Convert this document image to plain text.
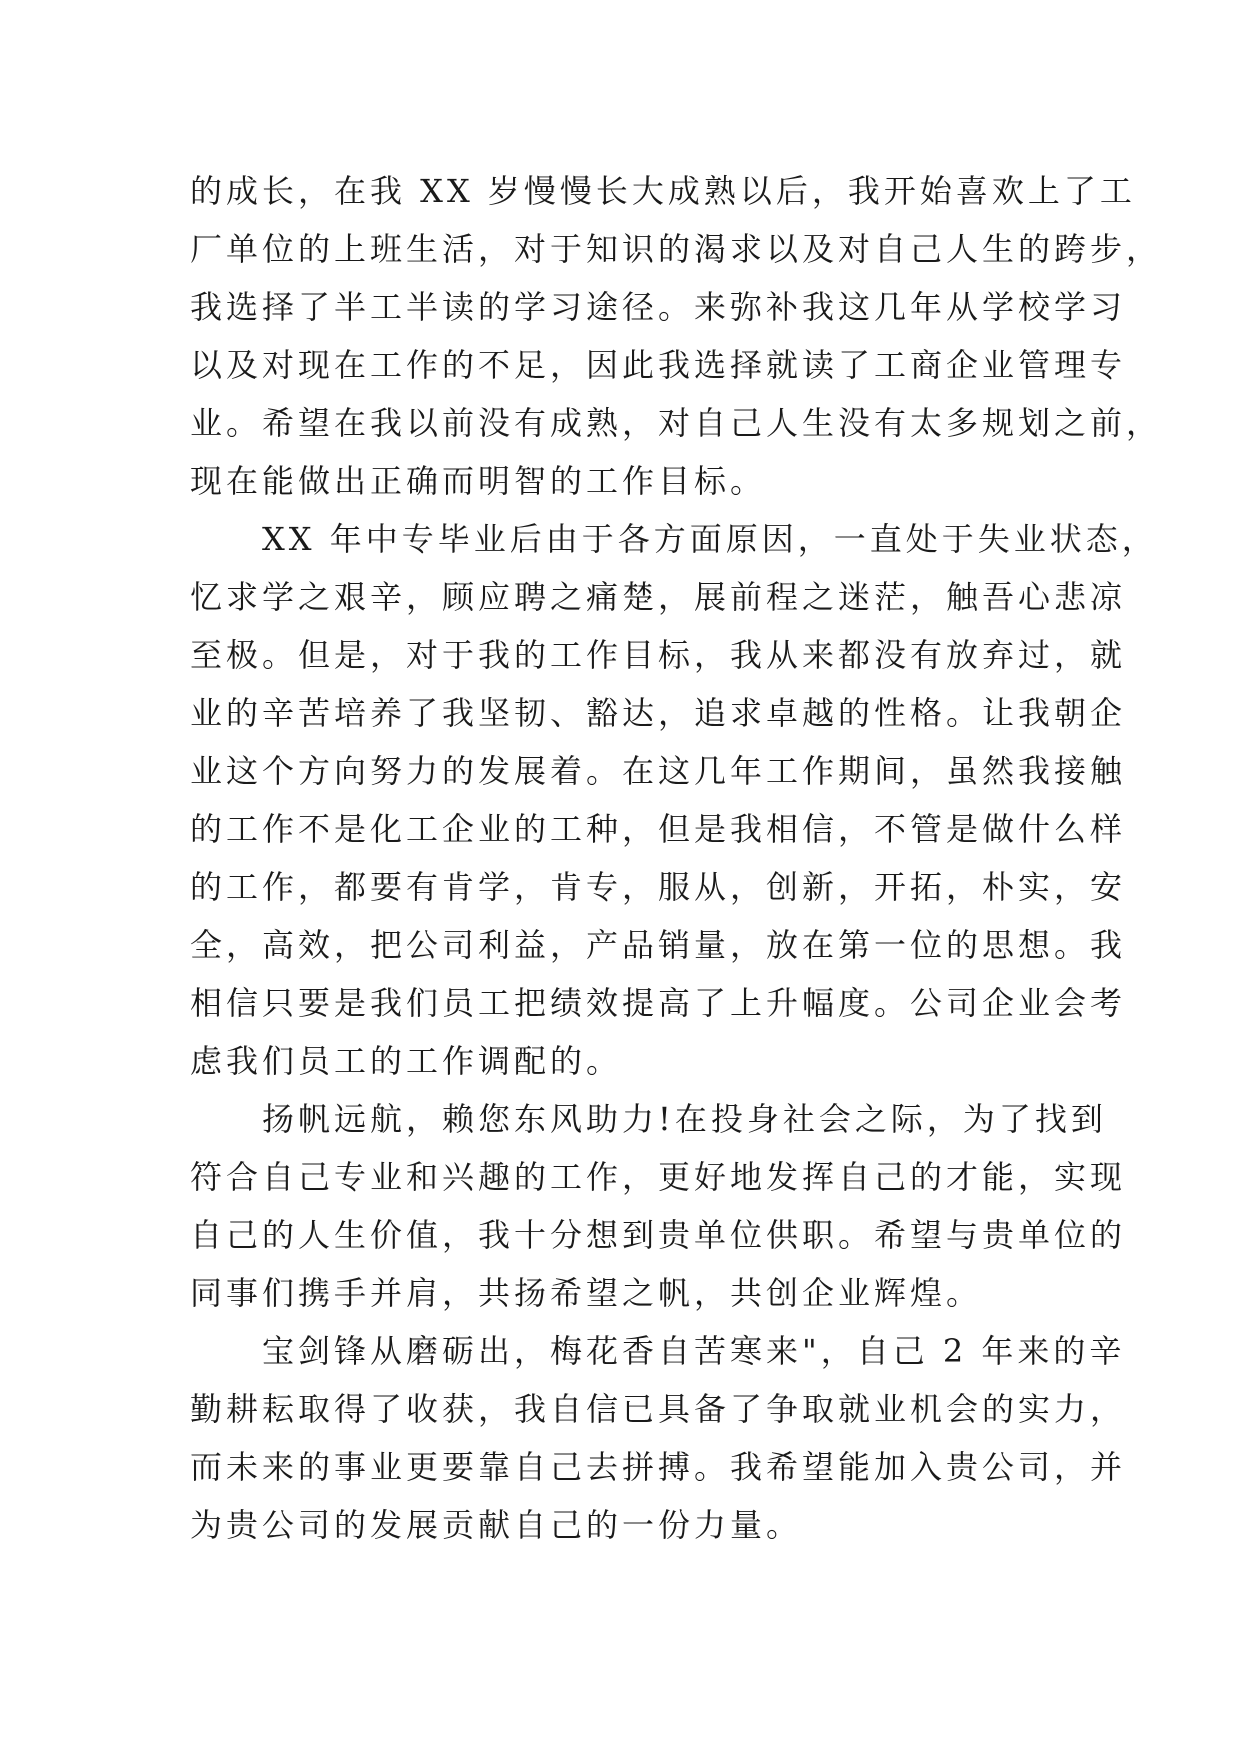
的成长，在我 XX 岁慢慢长大成熟以后，我开始喜欢上了工
厂单位的上班生活，对于知识的渴求以及对自己人生的跨步，
我选择了半工半读的学习途径。来弥补我这几年从学校学习
以及对现在工作的不足，因此我选择就读了工商企业管理专
业。希望在我以前没有成熟，对自己人生没有太多规划之前，
现在能做出正确而明智的工作目标。
XX 年中专毕业后由于各方面原因，一直处于失业状态，
忆求学之艰辛，顾应聘之痛楚，展前程之迷茫，触吾心悲凉
至极。但是，对于我的工作目标，我从来都没有放弃过，就
业的辛苦培养了我坚韧、豁达，追求卓越的性格。让我朝企
业这个方向努力的发展着。在这几年工作期间，虽然我接触
的工作不是化工企业的工种，但是我相信，不管是做什么样
的工作，都要有肯学，肯专，服从，创新，开拓，朴实，安
全，高效，把公司利益，产品销量，放在第一位的思想。我
相信只要是我们员工把绩效提高了上升幅度。公司企业会考
虑我们员工的工作调配的。
扬帆远航，赖您东风助力!在投身社会之际，为了找到
符合自己专业和兴趣的工作，更好地发挥自己的才能，实现
自己的人生价值，我十分想到贵单位供职。希望与贵单位的
同事们携手并肩，共扬希望之帆，共创企业辉煌。
宝剑锋从磨砺出，梅花香自苦寒来"，自己 2 年来的辛
勤耕耘取得了收获，我自信已具备了争取就业机会的实力，
而未来的事业更要靠自己去拼搏。我希望能加入贵公司，并
为贵公司的发展贡献自己的一份力量。
